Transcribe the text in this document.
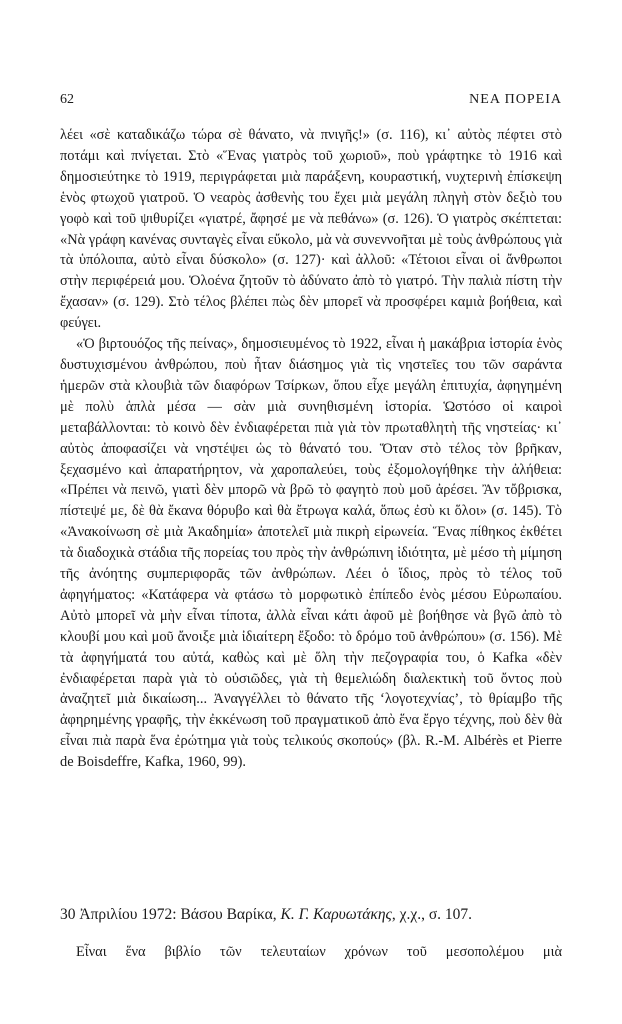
62	ΝΕΑ ΠΟΡΕΙΑ

λέει «σὲ καταδικάζω τώρα σὲ θάνατο, νὰ πνιγῆς!» (σ. 116), κι᾽ αὐτὸς πέφτει στὸ ποτάμι καὶ πνίγεται. Στὸ «Ἕνας γιατρὸς τοῦ χωριοῦ», ποὺ γράφτηκε τὸ 1916 καὶ δημοσιεύτηκε τὸ 1919, περιγράφεται μιὰ παράξενη, κουραστική, νυχτερινὴ ἐπίσκεψη ἑνὸς φτωχοῦ γιατροῦ. Ὁ νεαρὸς ἀσθενὴς του ἔχει μιὰ μεγάλη πληγὴ στὸν δεξιὸ του γοφὸ καὶ τοῦ ψιθυρίζει «γιατρέ, ἄφησέ με νὰ πεθάνω» (σ. 126). Ὁ γιατρὸς σκέπτεται: «Νὰ γράφη κανένας συνταγὲς εἶναι εὔκολο, μὰ νὰ συνεννοῆται μὲ τοὺς ἀνθρώπους γιὰ τὰ ὑπόλοιπα, αὐτὸ εἶναι δύσκολο» (σ. 127)· καὶ ἀλλοῦ: «Τέτοιοι εἶναι οἱ ἄνθρωποι στὴν περιφέρειά μου. Ὁλοένα ζητοῦν τὸ ἀδύνατο ἀπὸ τὸ γιατρό. Τὴν παλιὰ πίστη τὴν ἔχασαν» (σ. 129). Στὸ τέλος βλέπει πὼς δὲν μπορεῖ νὰ προσφέρει καμιὰ βοήθεια, καὶ φεύγει.

«Ὁ βιρτουόζος τῆς πείνας», δημοσιευμένος τὸ 1922, εἶναι ἡ μακάβρια ἱστορία ἑνὸς δυστυχισμένου ἀνθρώπου, ποὺ ἦταν διάσημος γιὰ τὶς νηστεῖες του τῶν σαράντα ἡμερῶν στὰ κλουβιὰ τῶν διαφόρων Τσίρκων, ὅπου εἶχε μεγάλη ἐπιτυχία, ἀφηγημένη μὲ πολὺ ἁπλὰ μέσα — σὰν μιὰ συνηθισμένη ἱστορία. Ὡστόσο οἱ καιροὶ μεταβάλλονται: τὸ κοινὸ δὲν ἐνδιαφέρεται πιὰ γιὰ τὸν πρωταθλητὴ τῆς νηστείας· κι᾽ αὐτὸς ἀποφασίζει νὰ νηστέψει ὡς τὸ θάνατό του. Ὅταν στὸ τέλος τὸν βρῆκαν, ξεχασμένο καὶ ἀπαρατήρητον, νὰ χαροπαλεύει, τοὺς ἐξομολογήθηκε τὴν ἀλήθεια: «Πρέπει νὰ πεινῶ, γιατὶ δὲν μπορῶ νὰ βρῶ τὸ φαγητὸ ποὺ μοῦ ἀρέσει. Ἂν τὄβρισκα, πίστεψέ με, δὲ θὰ ἔκανα θόρυβο καὶ θὰ ἔτρωγα καλά, ὅπως ἐσὺ κι ὅλοι» (σ. 145). Τὸ «Ἀνακοίνωση σὲ μιὰ Ἀκαδημία» ἀποτελεῖ μιὰ πικρὴ εἰρωνεία. Ἕνας πίθηκος ἐκθέτει τὰ διαδοχικὰ στάδια τῆς πορείας του πρὸς τὴν ἀνθρώπινη ἰδιότητα, μὲ μέσο τὴ μίμηση τῆς ἀνόητης συμπεριφορᾶς τῶν ἀνθρώπων. Λέει ὁ ἴδιος, πρὸς τὸ τέλος τοῦ ἀφηγήματος: «Κατάφερα νὰ φτάσω τὸ μορφωτικὸ ἐπίπεδο ἑνὸς μέσου Εὐρωπαίου. Αὐτὸ μπορεῖ νὰ μὴν εἶναι τίποτα, ἀλλὰ εἶναι κάτι ἀφοῦ μὲ βοήθησε νὰ βγῶ ἀπὸ τὸ κλουβί μου καὶ μοῦ ἄνοιξε μιὰ ἰδιαίτερη ἔξοδο: τὸ δρόμο τοῦ ἀνθρώπου» (σ. 156). Μὲ τὰ ἀφηγήματά του αὐτά, καθὼς καὶ μὲ ὅλη τὴν πεζογραφία του, ὁ Kafka «δὲν ἐνδιαφέρεται παρὰ γιὰ τὸ οὐσιῶδες, γιὰ τὴ θεμελιώδη διαλεκτικὴ τοῦ ὄντος ποὺ ἀναζητεῖ μιὰ δικαίωση... Ἀναγγέλλει τὸ θάνατο τῆς ‘λογοτεχνίας’, τὸ θρίαμβο τῆς ἀφηρημένης γραφῆς, τὴν ἐκκένωση τοῦ πραγματικοῦ ἀπὸ ἕνα ἔργο τέχνης, ποὺ δὲν θὰ εἶναι πιὰ παρὰ ἕνα ἐρώτημα γιὰ τοὺς τελικούς σκοπούς» (βλ. R.-M. Albérès et Pierre de Boisdeffre, Kafka, 1960, 99).

30 Ἀπριλίου 1972: Βάσου Βαρίκα, Κ. Γ. Καρυωτάκης, χ.χ., σ. 107.
Εἶναι ἕνα βιβλίο τῶν τελευταίων χρόνων τοῦ μεσοπολέμου μιὰ
